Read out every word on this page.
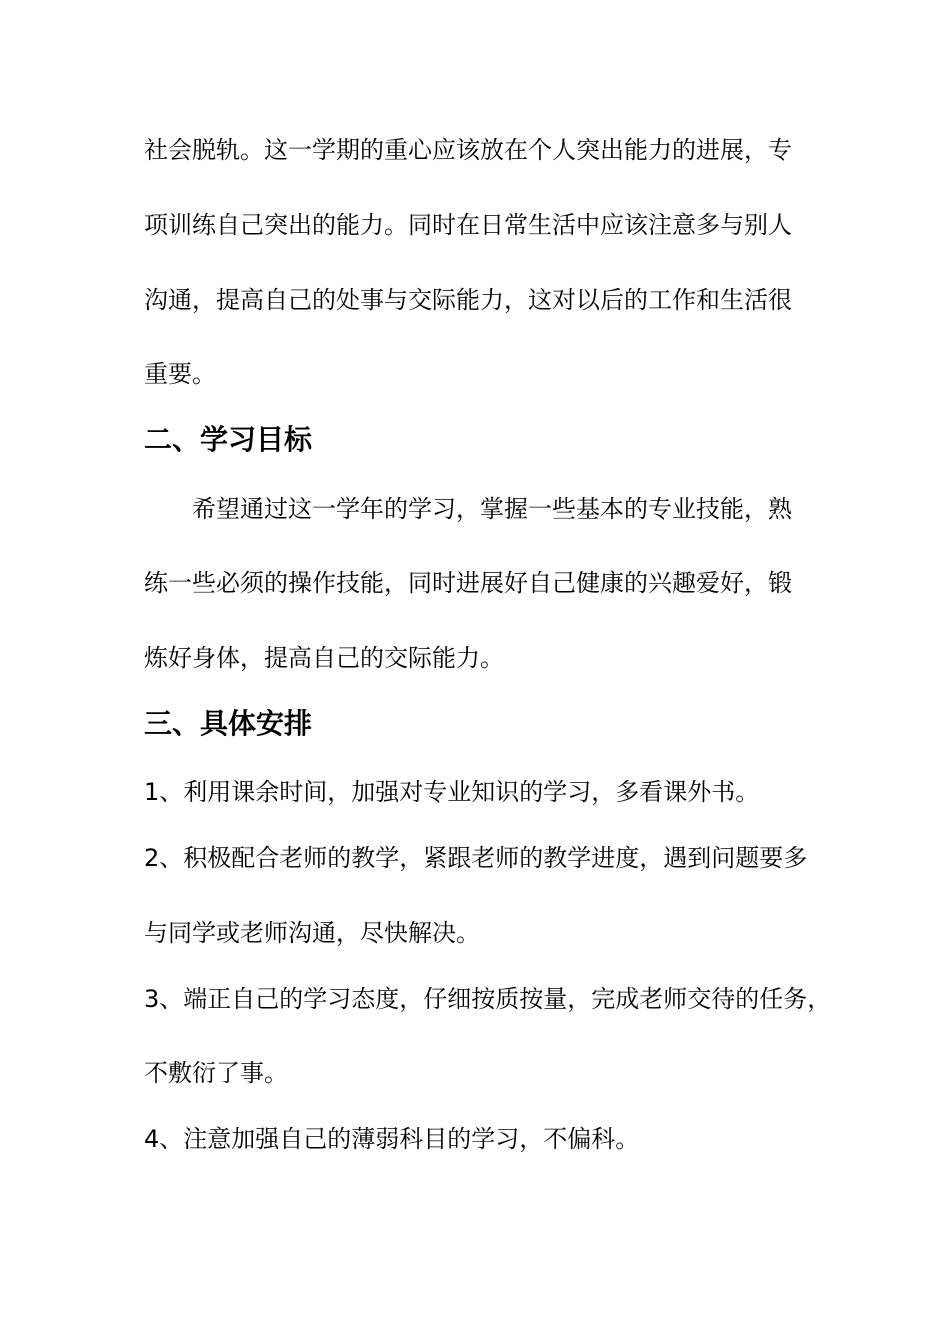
社会脱轨。这一学期的重心应该放在个人突出能力的进展，专
项训练自己突出的能力。同时在日常生活中应该注意多与别人
沟通，提高自己的处事与交际能力，这对以后的工作和生活很
重要。
二、学习目标
希望通过这一学年的学习，掌握一些基本的专业技能，熟
练一些必须的操作技能，同时进展好自己健康的兴趣爱好，锻
炼好身体，提高自己的交际能力。
三、具体安排
1、利用课余时间，加强对专业知识的学习，多看课外书。
2、积极配合老师的教学，紧跟老师的教学进度，遇到问题要多
与同学或老师沟通，尽快解决。
3、端正自己的学习态度，仔细按质按量，完成老师交待的任务，
不敷衍了事。
4、注意加强自己的薄弱科目的学习，不偏科。
